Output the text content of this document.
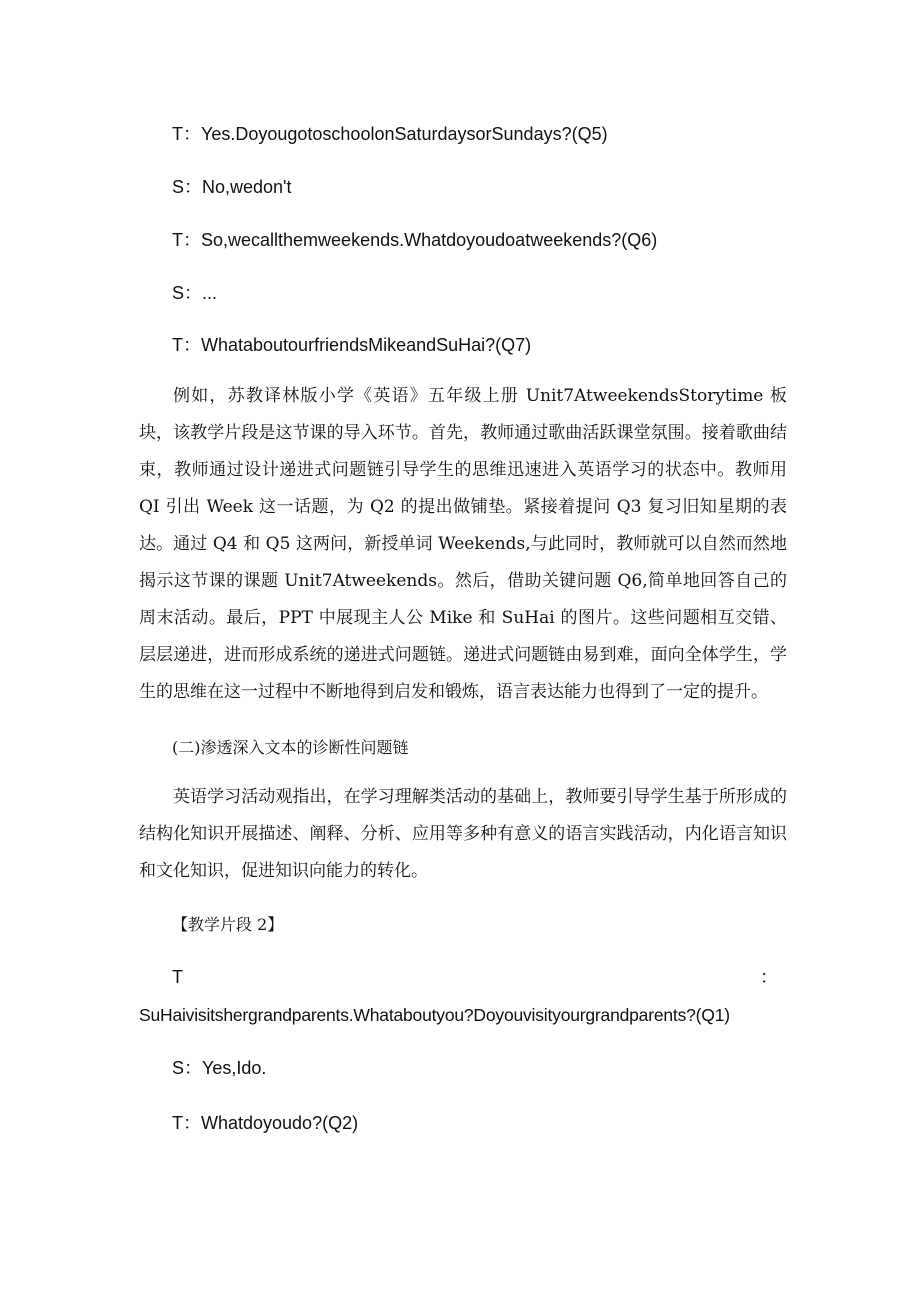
T：Yes.DoyougotoschoolonSaturdaysorSundays?(Q5)
S：No,wedon't
T：So,wecallthemweekends.Whatdoyoudoatweekends?(Q6)
S：...
T：WhataboutourfriendsMikeandSuHai?(Q7)
例如，苏教译林版小学《英语》五年级上册 Unit7AtweekendsStorytime 板块，该教学片段是这节课的导入环节。首先，教师通过歌曲活跃课堂氛围。接着歌曲结束，教师通过设计递进式问题链引导学生的思维迅速进入英语学习的状态中。教师用 QI 引出 Week 这一话题，为 Q2 的提出做铺垫。紧接着提问 Q3 复习旧知星期的表达。通过 Q4 和 Q5 这两问，新授单词 Weekends,与此同时，教师就可以自然而然地揭示这节课的课题 Unit7Atweekends。然后，借助关键问题 Q6,简单地回答自己的周末活动。最后，PPT 中展现主人公 Mike 和 SuHai 的图片。这些问题相互交错、层层递进，进而形成系统的递进式问题链。递进式问题链由易到难，面向全体学生，学生的思维在这一过程中不断地得到启发和锻炼，语言表达能力也得到了一定的提升。
(二)渗透深入文本的诊断性问题链
英语学习活动观指出，在学习理解类活动的基础上，教师要引导学生基于所形成的结构化知识开展描述、阐释、分析、应用等多种有意义的语言实践活动，内化语言知识和文化知识，促进知识向能力的转化。
【教学片段 2】
T	：
SuHaivisitshergrandparents.Whataboutyou?Doyouvisityourgrandparents?(Q1)
S：Yes,Ido.
T：Whatdoyoudo?(Q2)
